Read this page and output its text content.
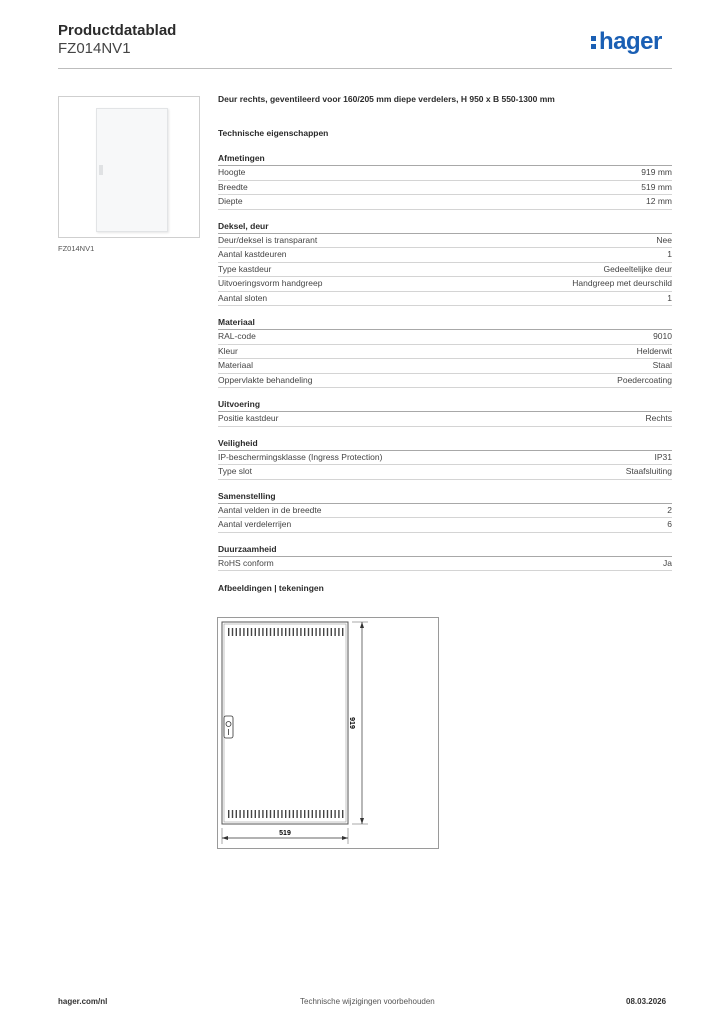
Productdatablad
FZ014NV1	hager
FZ014NV1
Deur rechts, geventileerd voor 160/205 mm diepe verdelers, H 950 x B 550-1300 mm
Technische eigenschappen
Afmetingen
Hoogte	919 mm
Breedte	519 mm
Diepte	12 mm
Deksel, deur
Deur/deksel is transparant	Nee
Aantal kastdeuren	1
Type kastdeur	Gedeeltelijke deur
Uitvoeringsvorm handgreep	Handgreep met deurschild
Aantal sloten	1
Materiaal
RAL-code	9010
Kleur	Helderwit
Materiaal	Staal
Oppervlakte behandeling	Poedercoating
Uitvoering
Positie kastdeur	Rechts
Veiligheid
IP-beschermingsklasse (Ingress Protection)	IP31
Type slot	Staafsluiting
Samenstelling
Aantal velden in de breedte	2
Aantal verdelerrijen	6
Duurzaamheid
RoHS conform	Ja
Afbeeldingen | tekeningen
919
519
hager.com/nl	Technische wijzigingen voorbehouden	08.03.2026
